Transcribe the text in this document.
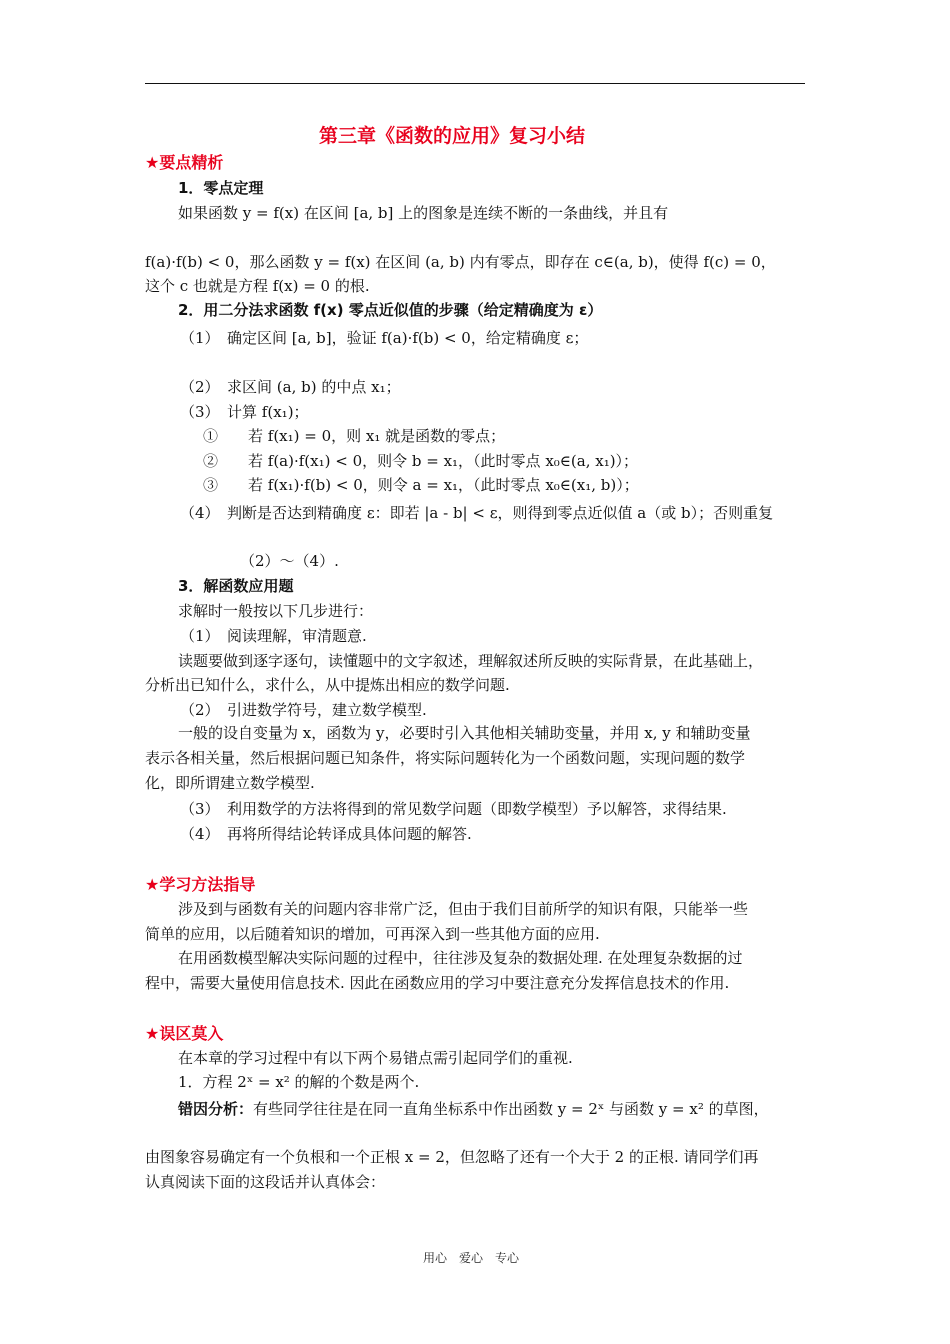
第三章《函数的应用》复习小结
★要点精析
1．零点定理
如果函数 y = f(x) 在区间 [a, b] 上的图象是连续不断的一条曲线，并且有
f(a)·f(b) < 0，那么函数 y = f(x) 在区间 (a, b) 内有零点，即存在 c∈(a, b)，使得 f(c) = 0，
这个 c 也就是方程 f(x) = 0 的根.
2．用二分法求函数 f(x) 零点近似值的步骤（给定精确度为 ε）
（1）　确定区间 [a, b]，验证 f(a)·f(b) < 0，给定精确度 ε；
（2）　求区间 (a, b) 的中点 x₁；
（3）　计算 f(x₁)；
①　　若 f(x₁) = 0，则 x₁ 就是函数的零点；
②　　若 f(a)·f(x₁) < 0，则令 b = x₁，（此时零点 x₀∈(a, x₁)）；
③　　若 f(x₁)·f(b) < 0，则令 a = x₁，（此时零点 x₀∈(x₁, b)）；
（4）　判断是否达到精确度 ε：即若 |a - b| < ε，则得到零点近似值 a（或 b）；否则重复
（2）～（4）.
3．解函数应用题
求解时一般按以下几步进行：
（1）　阅读理解，审清题意.
读题要做到逐字逐句，读懂题中的文字叙述，理解叙述所反映的实际背景，在此基础上，
分析出已知什么，求什么，从中提炼出相应的数学问题.
（2）　引进数学符号，建立数学模型.
一般的设自变量为 x，函数为 y，必要时引入其他相关辅助变量，并用 x, y 和辅助变量
表示各相关量，然后根据问题已知条件，将实际问题转化为一个函数问题，实现问题的数学
化，即所谓建立数学模型.
（3）　利用数学的方法将得到的常见数学问题（即数学模型）予以解答，求得结果.
（4）　再将所得结论转译成具体问题的解答.
★学习方法指导
涉及到与函数有关的问题内容非常广泛，但由于我们目前所学的知识有限，只能举一些
简单的应用，以后随着知识的增加，可再深入到一些其他方面的应用.
在用函数模型解决实际问题的过程中，往往涉及复杂的数据处理. 在处理复杂数据的过
程中，需要大量使用信息技术. 因此在函数应用的学习中要注意充分发挥信息技术的作用.
★误区莫入
在本章的学习过程中有以下两个易错点需引起同学们的重视.
1．方程 2ˣ = x² 的解的个数是两个.
错因分析：有些同学往往是在同一直角坐标系中作出函数 y = 2ˣ 与函数 y = x² 的草图，
由图象容易确定有一个负根和一个正根 x = 2，但忽略了还有一个大于 2 的正根. 请同学们再
认真阅读下面的这段话并认真体会：
用心　爱心　专心
